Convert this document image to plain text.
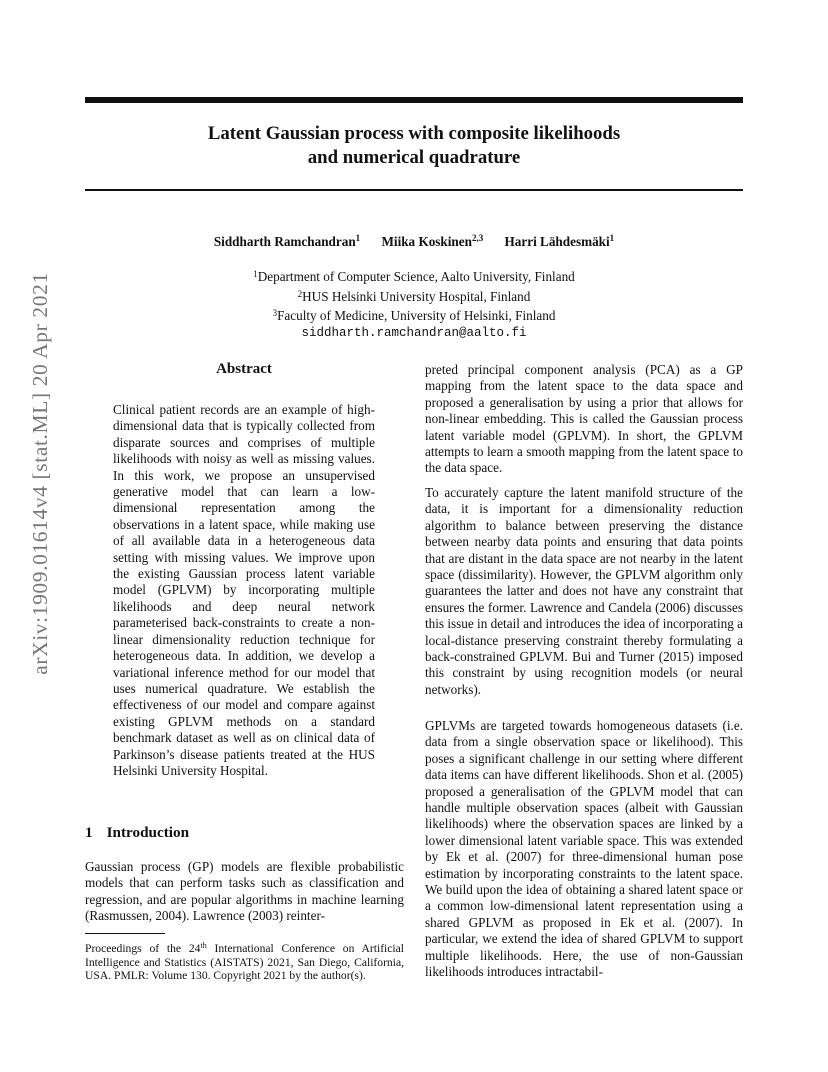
arXiv:1909.01614v4 [stat.ML] 20 Apr 2021
Latent Gaussian process with composite likelihoods
and numerical quadrature
Siddharth Ramchandran$^1$ Miika Koskinen$^{2,3}$ Harri Lähdesmäki$^1$
$^1$Department of Computer Science, Aalto University, Finland
$^2$HUS Helsinki University Hospital, Finland
$^3$Faculty of Medicine, University of Helsinki, Finland
siddharth.ramchandran@aalto.fi
Abstract

Clinical patient records are an example of high-dimensional data that is typically collected from disparate sources and comprises of multiple likelihoods with noisy as well as missing values. In this work, we propose an unsupervised generative model that can learn a low-dimensional representation among the observations in a latent space, while making use of all available data in a heterogeneous data setting with missing values. We improve upon the existing Gaussian process latent variable model (GPLVM) by incorporating multiple likelihoods and deep neural network parameterised back-constraints to create a non-linear dimensionality reduction technique for heterogeneous data. In addition, we develop a variational inference method for our model that uses numerical quadrature. We establish the effectiveness of our model and compare against existing GPLVM methods on a standard benchmark dataset as well as on clinical data of Parkinson’s disease patients treated at the HUS Helsinki University Hospital.

1 Introduction

Gaussian process (GP) models are flexible probabilistic models that can perform tasks such as classification and regression, and are popular algorithms in machine learning (Rasmussen, 2004). Lawrence (2003) reinter-

Proceedings of the 24th International Conference on Artificial Intelligence and Statistics (AISTATS) 2021, San Diego, California, USA. PMLR: Volume 130. Copyright 2021 by the author(s).

preted principal component analysis (PCA) as a GP mapping from the latent space to the data space and proposed a generalisation by using a prior that allows for non-linear embedding. This is called the Gaussian process latent variable model (GPLVM). In short, the GPLVM attempts to learn a smooth mapping from the latent space to the data space.

To accurately capture the latent manifold structure of the data, it is important for a dimensionality reduction algorithm to balance between preserving the distance between nearby data points and ensuring that data points that are distant in the data space are not nearby in the latent space (dissimilarity). However, the GPLVM algorithm only guarantees the latter and does not have any constraint that ensures the former. Lawrence and Candela (2006) discusses this issue in detail and introduces the idea of incorporating a local-distance preserving constraint thereby formulating a back-constrained GPLVM. Bui and Turner (2015) imposed this constraint by using recognition models (or neural networks).

GPLVMs are targeted towards homogeneous datasets (i.e. data from a single observation space or likelihood). This poses a significant challenge in our setting where different data items can have different likelihoods. Shon et al. (2005) proposed a generalisation of the GPLVM model that can handle multiple observation spaces (albeit with Gaussian likelihoods) where the observation spaces are linked by a lower dimensional latent variable space. This was extended by Ek et al. (2007) for three-dimensional human pose estimation by incorporating constraints to the latent space. We build upon the idea of obtaining a shared latent space or a common low-dimensional latent representation using a shared GPLVM as proposed in Ek et al. (2007). In particular, we extend the idea of shared GPLVM to support multiple likelihoods. Here, the use of non-Gaussian likelihoods introduces intractabil-
